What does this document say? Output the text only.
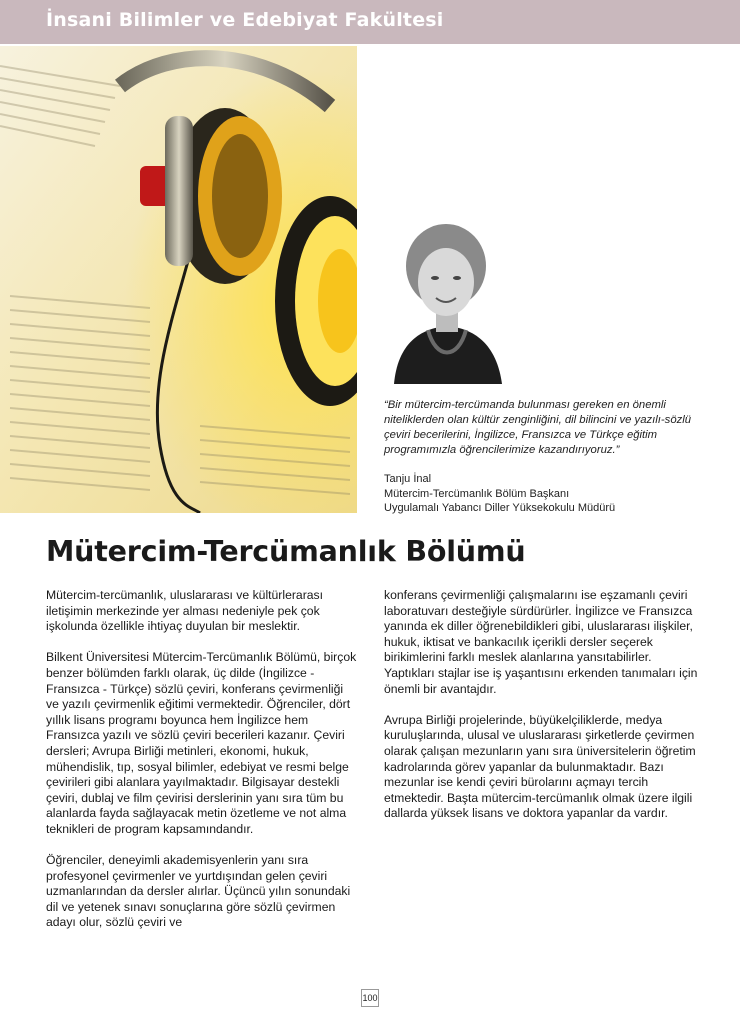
İnsani Bilimler ve Edebiyat Fakültesi
“Bir mütercim-tercümanda bulunması gereken en önemli niteliklerden olan kültür zenginliğini, dil bilincini ve yazılı-sözlü çeviri becerilerini, İngilizce, Fransızca ve Türkçe eğitim programımızla öğrencilerimize kazandırıyoruz.”
Tanju İnal
Mütercim-Tercümanlık Bölüm Başkanı
Uygulamalı Yabancı Diller Yüksekokulu Müdürü
Mütercim-Tercümanlık Bölümü

Mütercim-tercümanlık, uluslararası ve kültürlerarası iletişimin merkezinde yer alması nedeniyle pek çok işkolunda özellikle ihtiyaç duyulan bir meslektir.

Bilkent Üniversitesi Mütercim-Tercümanlık Bölümü, birçok benzer bölümden farklı olarak, üç dilde (İngilizce - Fransızca - Türkçe) sözlü çeviri, konferans çevirmenliği ve yazılı çevirmenlik eğitimi vermektedir. Öğrenciler, dört yıllık lisans programı boyunca hem İngilizce hem Fransızca yazılı ve sözlü çeviri becerileri kazanır. Çeviri dersleri; Avrupa Birliği metinleri, ekonomi, hukuk, mühendislik, tıp, sosyal bilimler, edebiyat ve resmi belge çevirileri gibi alanlara yayılmaktadır. Bilgisayar destekli çeviri, dublaj ve film çevirisi derslerinin yanı sıra tüm bu alanlarda fayda sağlayacak metin özetleme ve not alma teknikleri de program kapsamındandır.

Öğrenciler, deneyimli akademisyenlerin yanı sıra profesyonel çevirmenler ve yurtdışından gelen çeviri uzmanlarından da dersler alırlar. Üçüncü yılın sonundaki dil ve yetenek sınavı sonuçlarına göre sözlü çevirmen adayı olur, sözlü çeviri ve

konferans çevirmenliği çalışmalarını ise eşzamanlı çeviri laboratuvarı desteğiyle sürdürürler. İngilizce ve Fransızca yanında ek diller öğrenebildikleri gibi, uluslararası ilişkiler, hukuk, iktisat ve bankacılık içerikli dersler seçerek birikimlerini farklı meslek alanlarına yansıtabilirler. Yaptıkları stajlar ise iş yaşantısını erkenden tanımaları için önemli bir avantajdır.

Avrupa Birliği projelerinde, büyükelçiliklerde, medya kuruluşlarında, ulusal ve uluslararası şirketlerde çevirmen olarak çalışan mezunların yanı sıra üniversitelerin öğretim kadrolarında görev yapanlar da bulunmaktadır. Bazı mezunlar ise kendi çeviri bürolarını açmayı tercih etmektedir. Başta mütercim-tercümanlık olmak üzere ilgili dallarda yüksek lisans ve doktora yapanlar da vardır.

100
